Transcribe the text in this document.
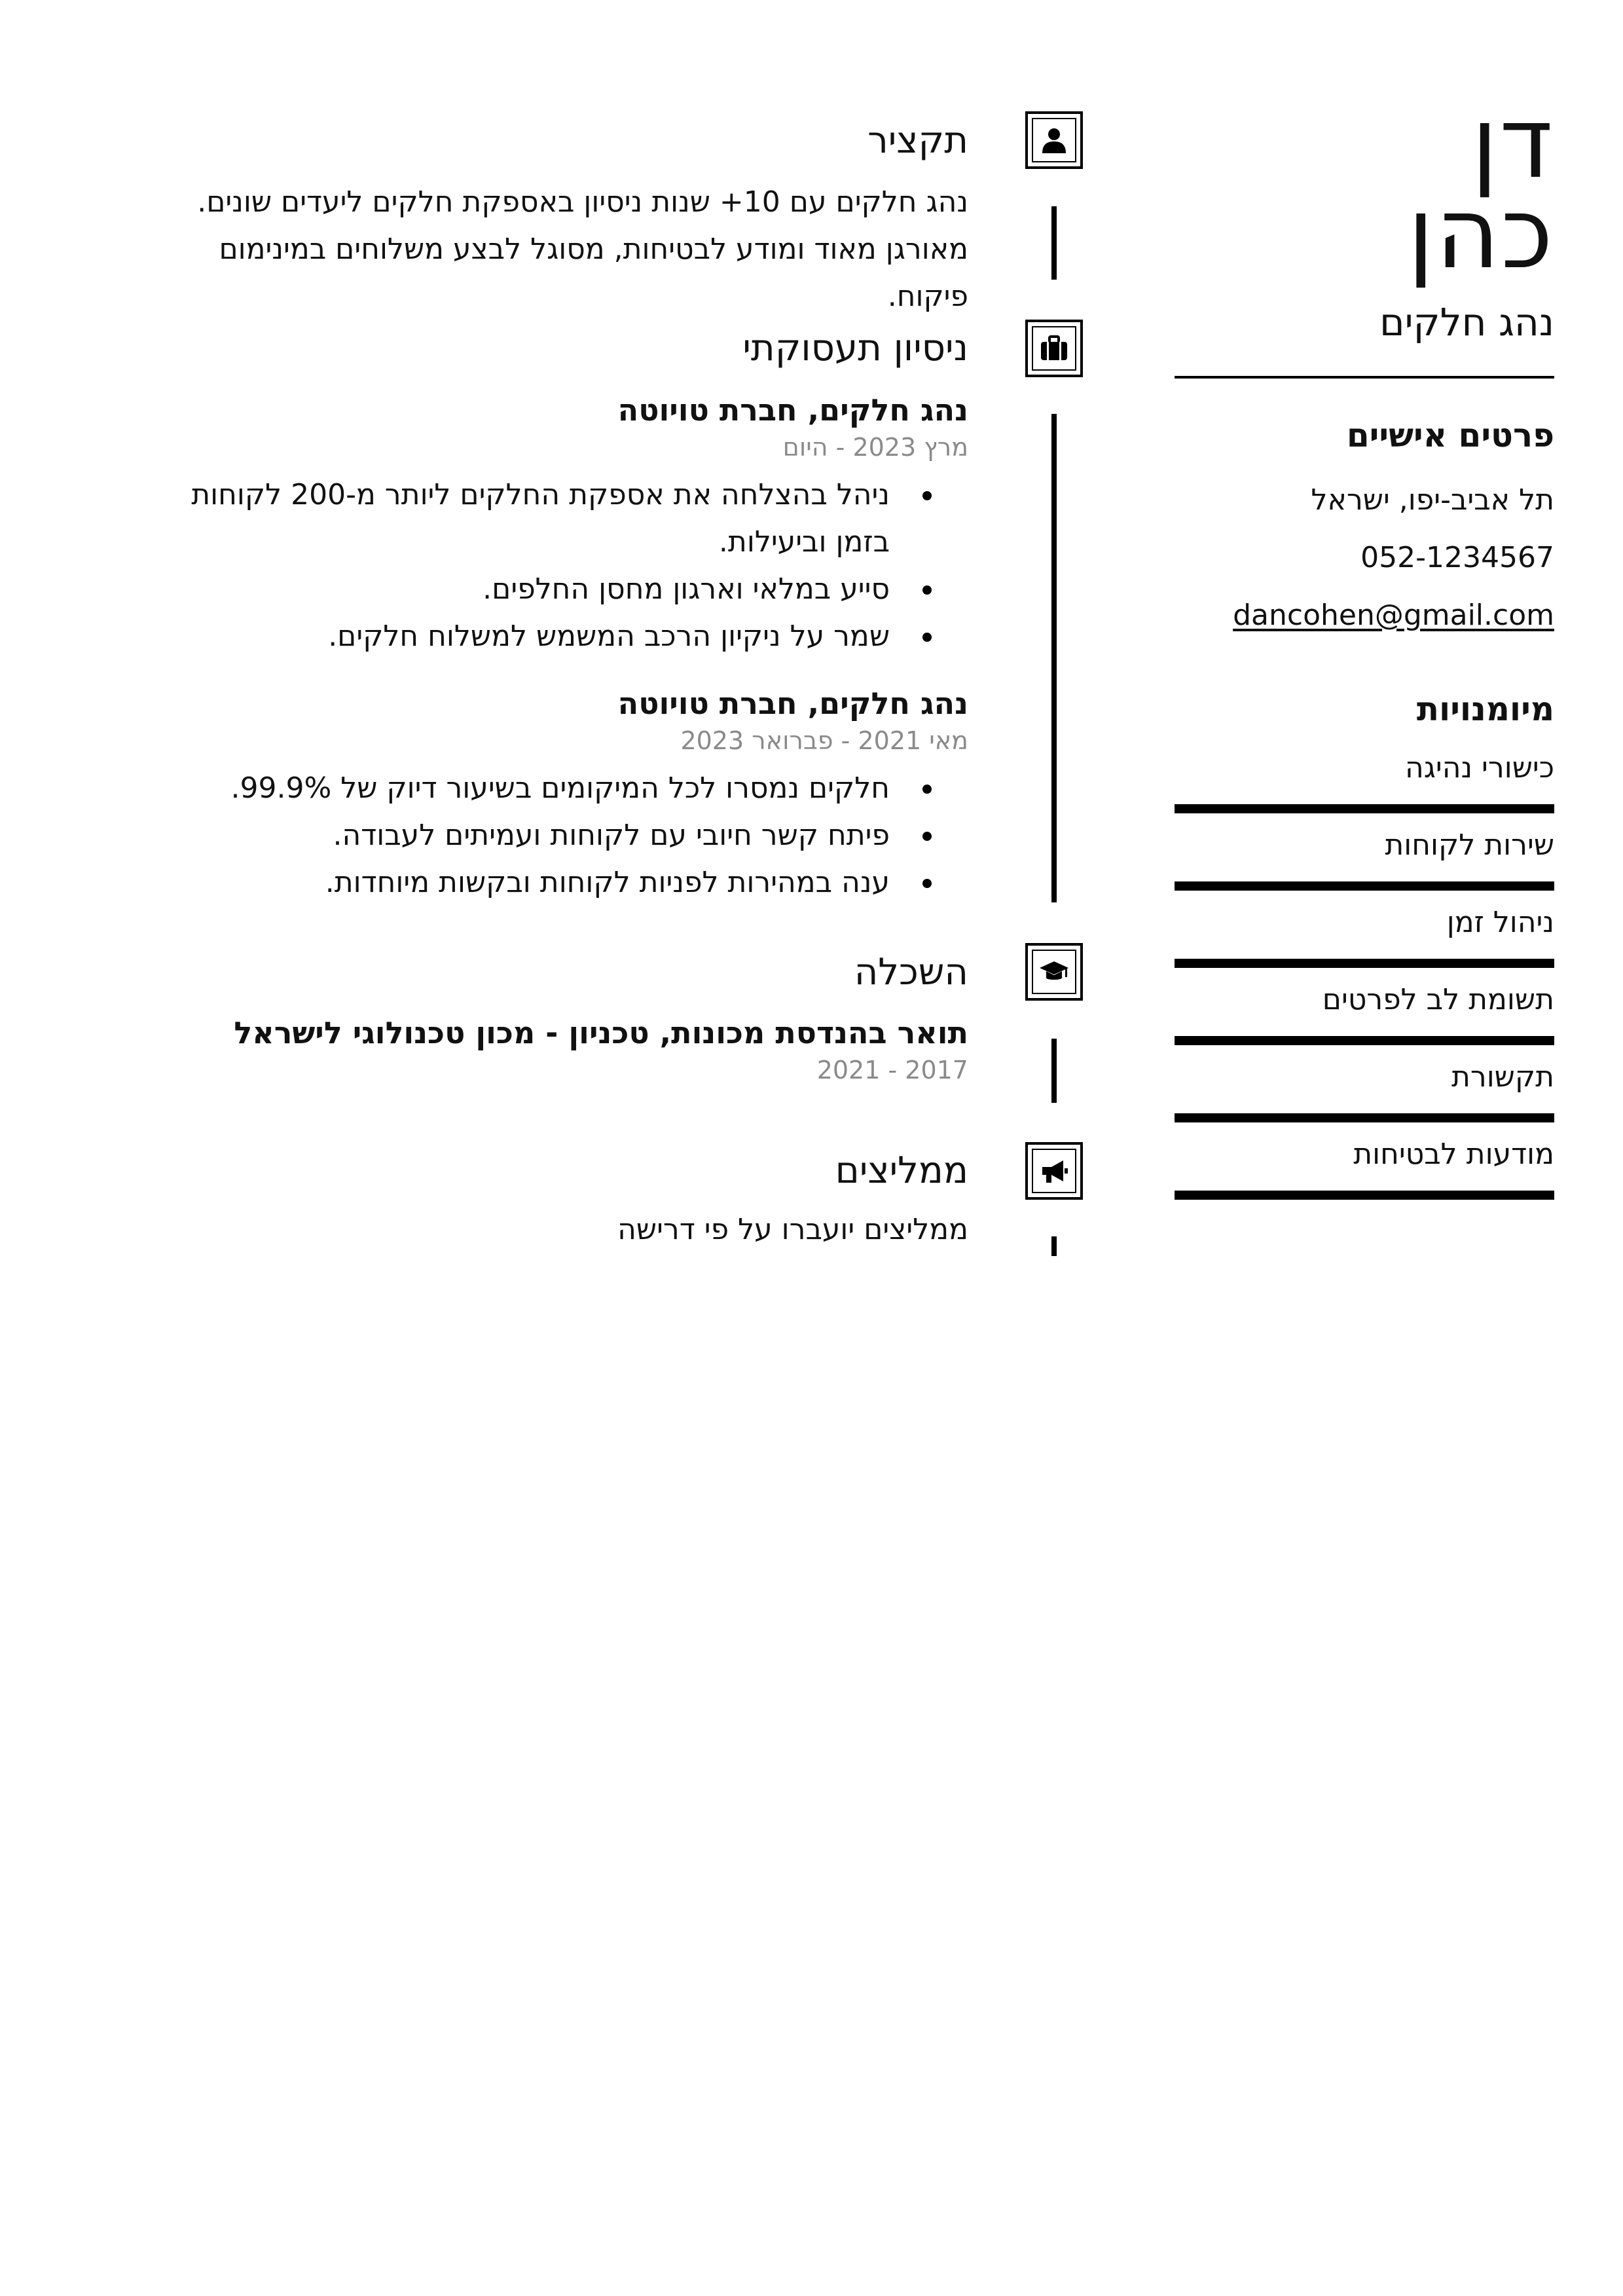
דן
כהן
נהג חלקים
פרטים אישיים
תל אביב-יפו, ישראל
052-1234567
dancohen@gmail.com
מיומנויות
כישורי נהיגה
שירות לקוחות
ניהול זמן
תשומת לב לפרטים
תקשורת
מודעות לבטיחות
תקציר

נהג חלקים עם 10+ שנות ניסיון באספקת חלקים ליעדים שונים. מאורגן מאוד ומודע לבטיחות, מסוגל לבצע משלוחים במינימום פיקוח.

ניסיון תעסוקתי
נהג חלקים, חברת טויוטה
מרץ 2023 - היום
ניהל בהצלחה את אספקת החלקים ליותר מ-200 לקוחות בזמן וביעילות.
סייע במלאי וארגון מחסן החלפים.
שמר על ניקיון הרכב המשמש למשלוח חלקים.
נהג חלקים, חברת טויוטה
מאי 2021 - פברואר 2023
חלקים נמסרו לכל המיקומים בשיעור דיוק של 99.9%.
פיתח קשר חיובי עם לקוחות ועמיתים לעבודה.
ענה במהירות לפניות לקוחות ובקשות מיוחדות.
השכלה
תואר בהנדסת מכונות, טכניון - מכון טכנולוגי לישראל
2017 - 2021
ממליצים

ממליצים יועברו על פי דרישה
